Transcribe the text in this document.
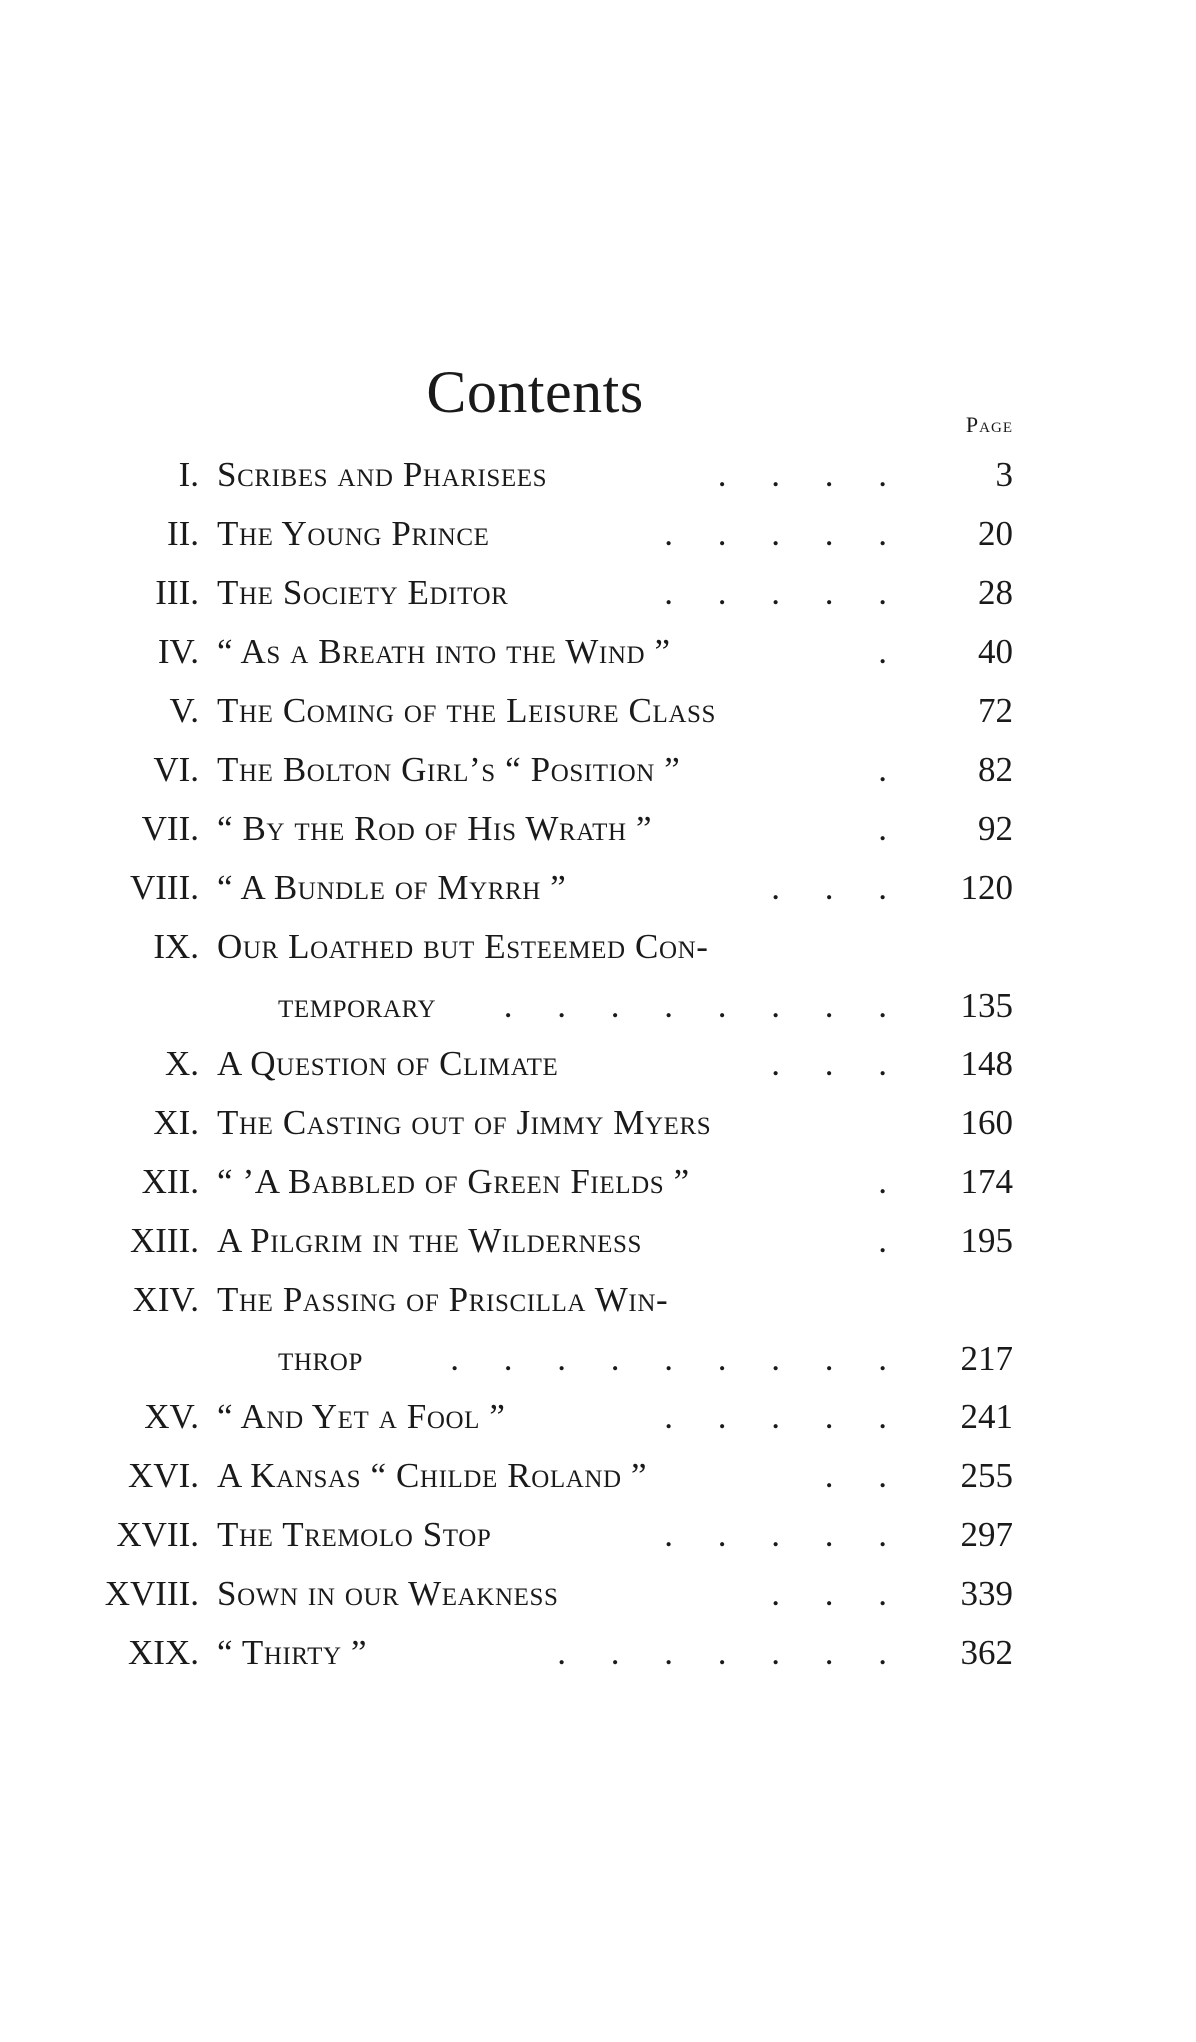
Contents	Page
I. Scribes and Pharisees	. . . .	3
II. The Young Prince	. . . . . 20
III. The Society Editor	. . . . . 28
IV. “ As a Breath into the Wind ”	. 40
V. The Coming of the Leisure Class	72
VI. The Bolton Girl’s “ Position ”	. 82
VII. “ By the Rod of His Wrath ”	. 92
VIII. “ A Bundle of Myrrh ”	. . . 120
IX. Our Loathed but Esteemed Con-
temporary . . . . . . . . 135
X. A Question of Climate	. . . 148
XI. The Casting out of Jimmy Myers	160
XII. “ ’A Babbled of Green Fields ”	. 174
XIII. A Pilgrim in the Wilderness	. 195
XIV. The Passing of Priscilla Win-
throp . . . . . . . . . 217
XV. “ And Yet a Fool ”	. . . . . 241
XVI. A Kansas “ Childe Roland ”	. . 255
XVII. The Tremolo Stop	. . . . . 297
XVIII. Sown in our Weakness	. . . 339
XIX. “ Thirty ”	. . . . . . . 362
